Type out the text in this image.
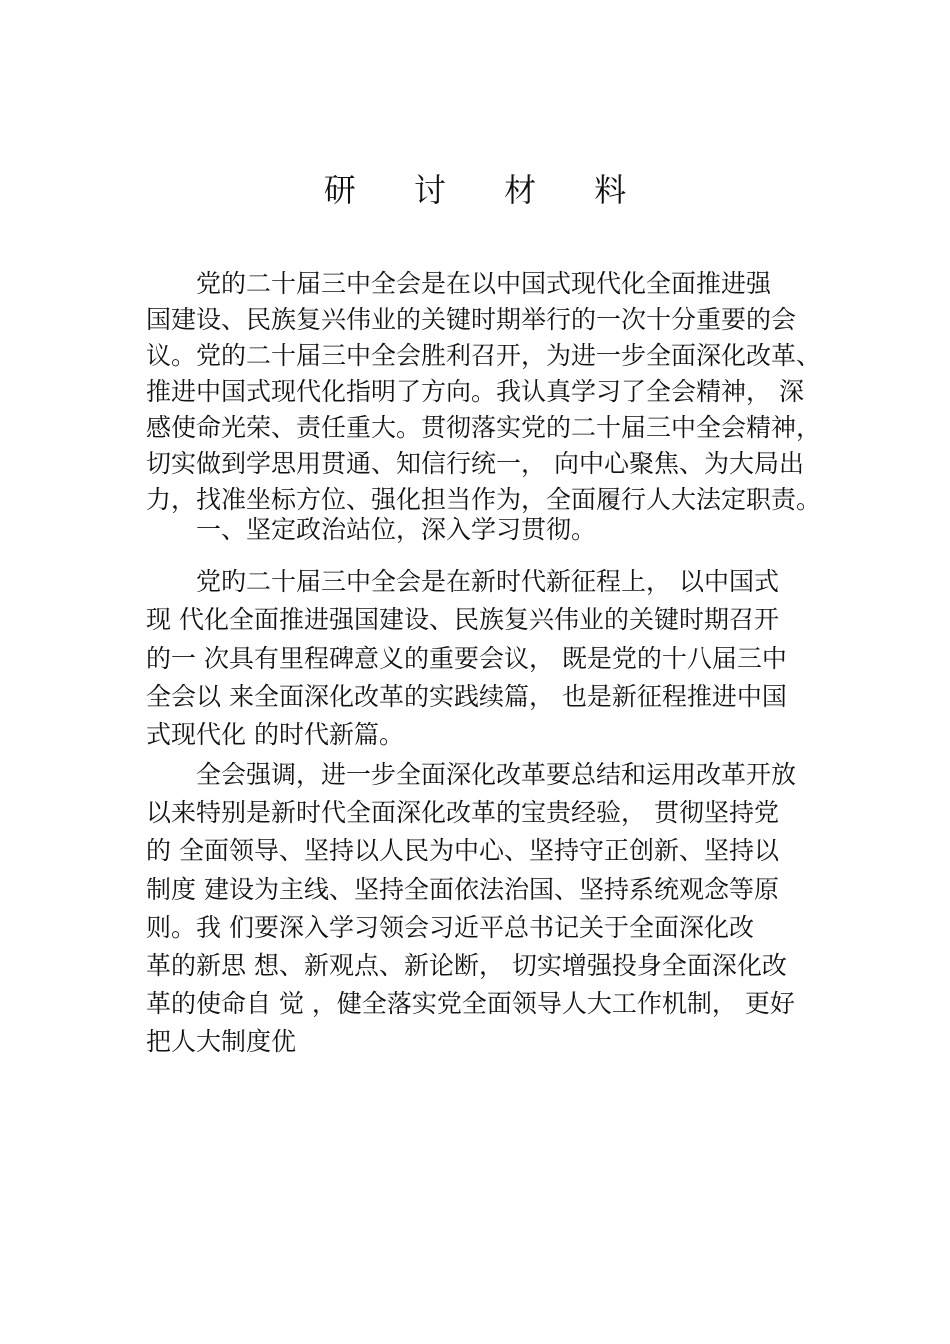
研 讨 材 料

　　党的二十届三中全会是在以中国式现代化全面推进强

国建设、民族复兴伟业的关键时期举行的一次十分重要的会

议。党的二十届三中全会胜利召开，为进一步全面深化改革、

推进中国式现代化指明了方向。我认真学习了全会精神， 深

感使命光荣、责任重大。贯彻落实党的二十届三中全会精神，

切实做到学思用贯通、知信行统一， 向中心聚焦、为大局出

力，找准坐标方位、强化担当作为，全面履行人大法定职责。

　　一、坚定政治站位，深入学习贯彻。

　　党旳二十届三中全会是在新时代新征程上， 以中国式

现 代化全面推进强国建设、民族复兴伟业的关键时期召开

的一 次具有里程碑意义的重要会议， 既是党的十八届三中

全会以 来全面深化改革的实践续篇， 也是新征程推进中国

式现代化 的时代新篇。

　　全会强调，进一步全面深化改革要总结和运用改革开放

以来特别是新时代全面深化改革的宝贵经验， 贯彻坚持党

的 全面领导、坚持以人民为中心、坚持守正创新、坚持以

制度 建设为主线、坚持全面依法治国、坚持系统观念等原

则。我 们要深入学习领会习近平总书记关于全面深化改

革的新思 想、新观点、新论断， 切实增强投身全面深化改

革的使命自 觉 ，健全落实党全面领导人大工作机制， 更好

把人大制度优
